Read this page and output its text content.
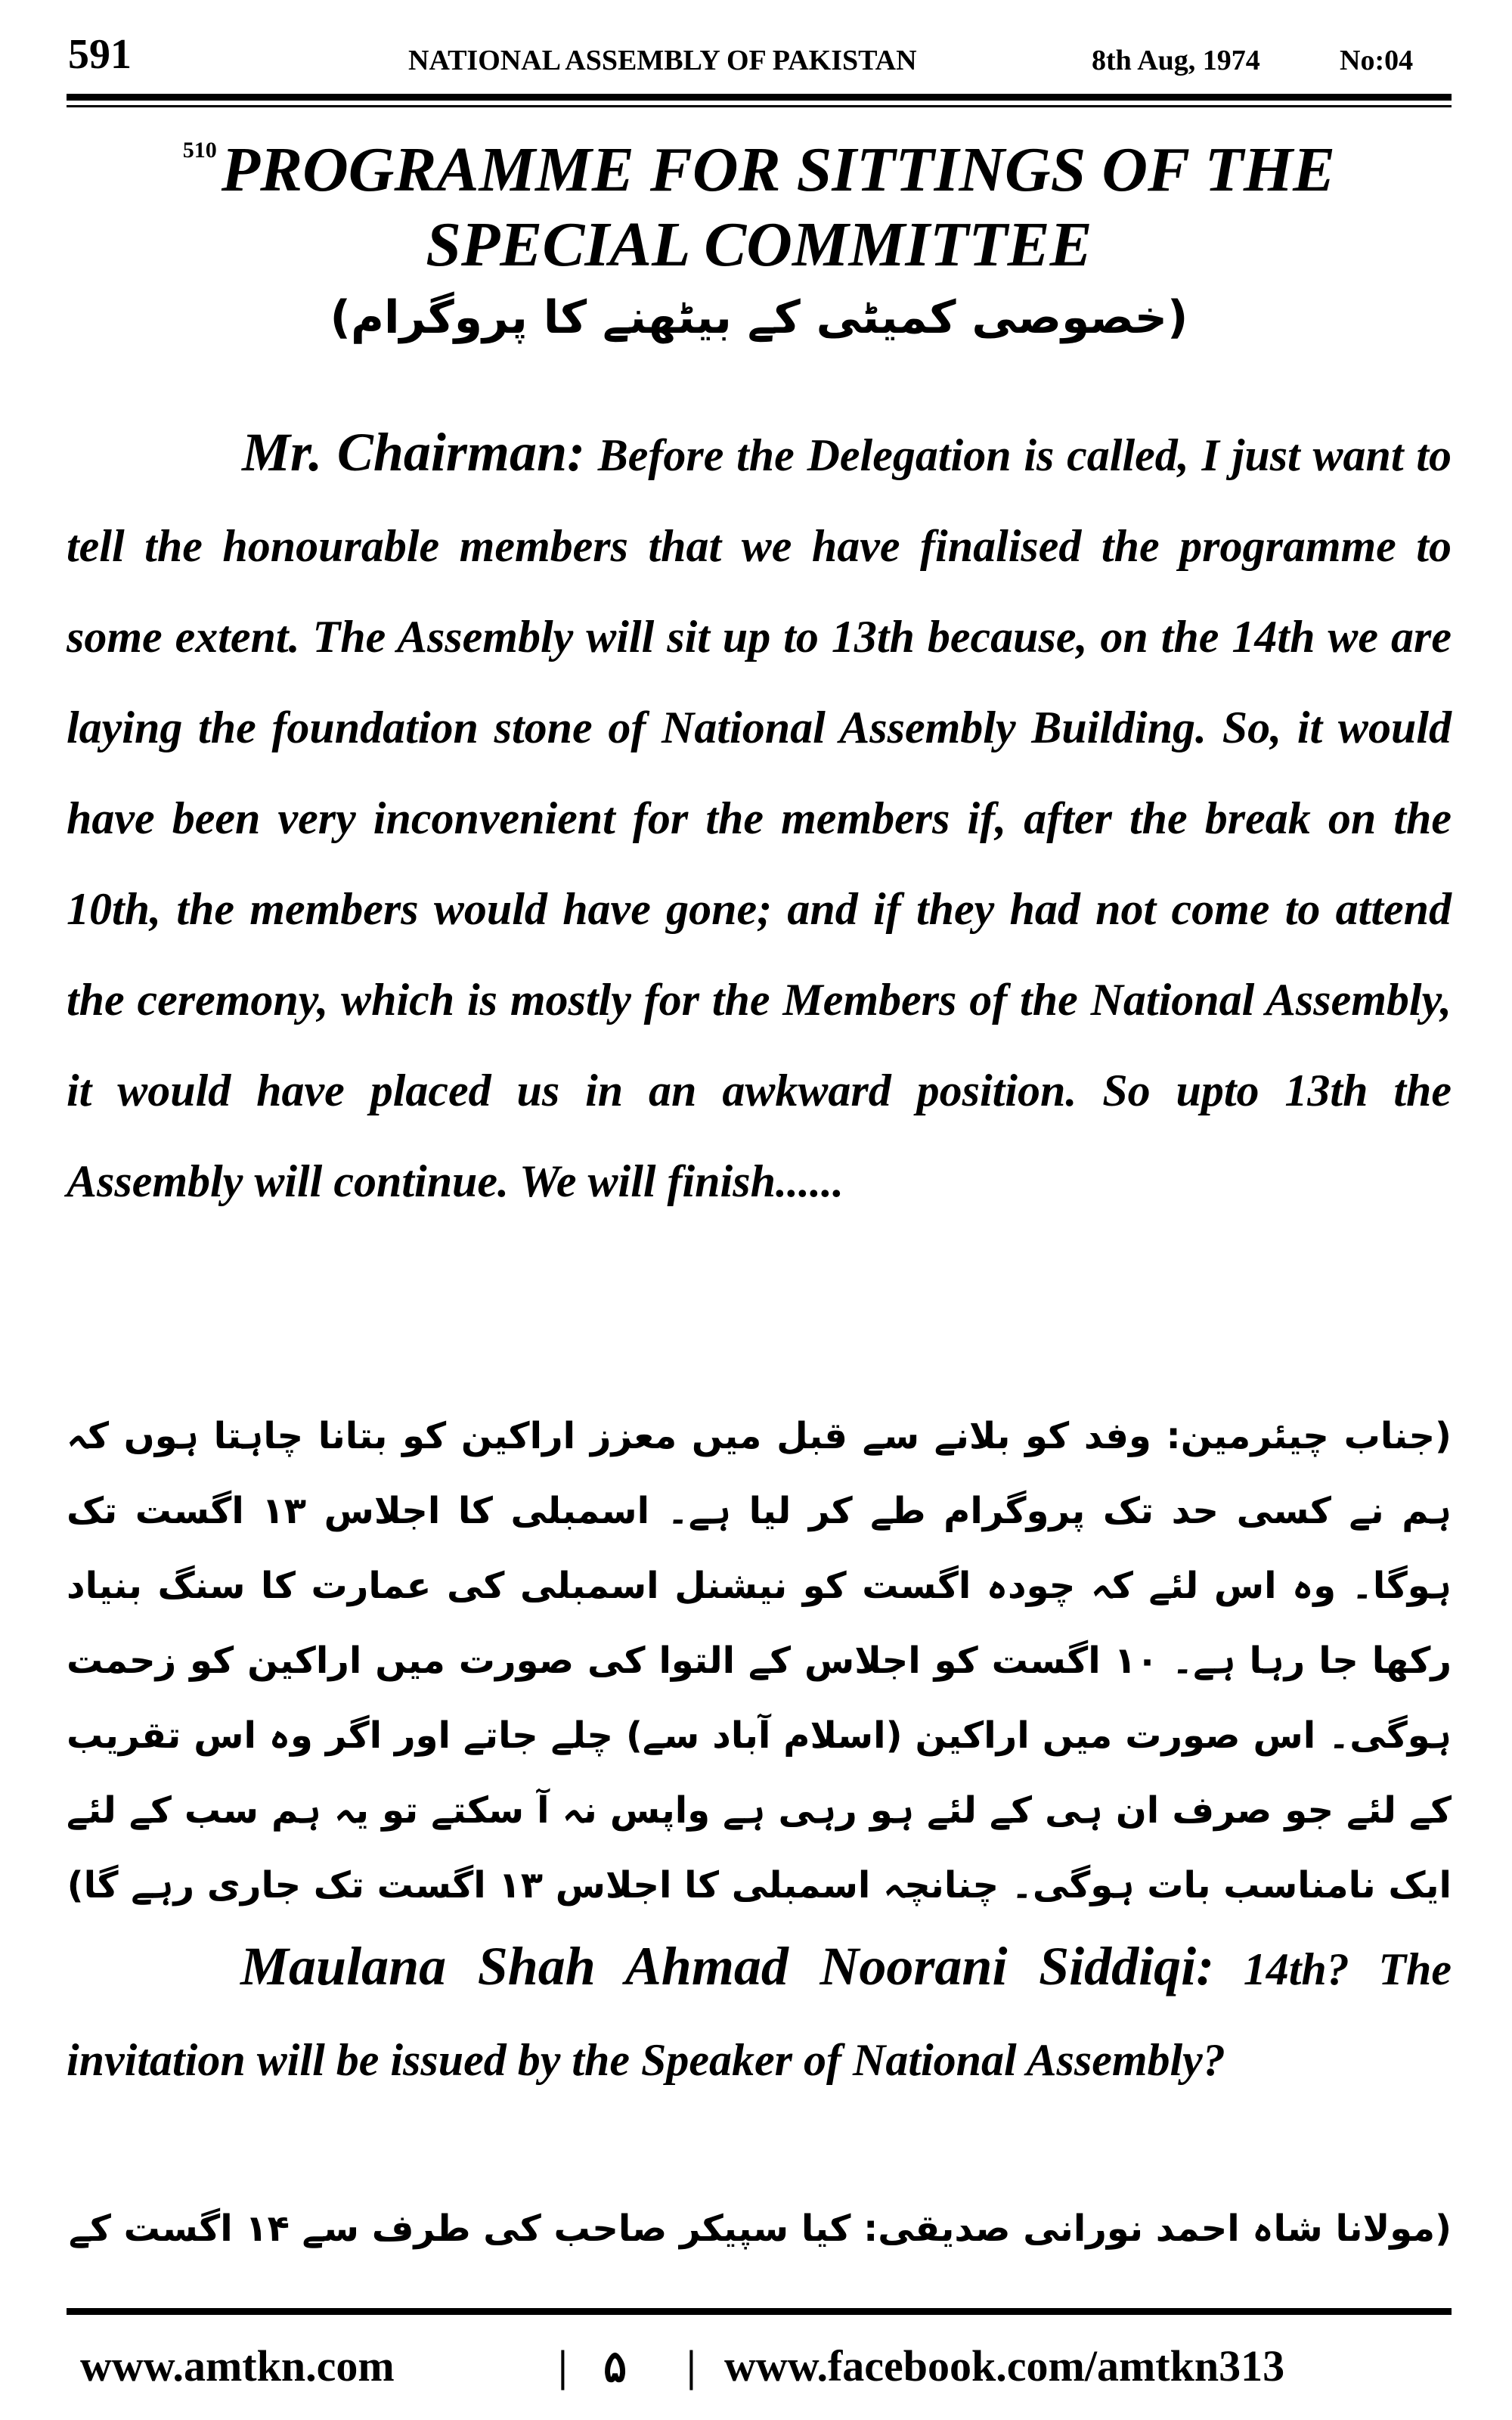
591	NATIONAL ASSEMBLY OF PAKISTAN	8th Aug, 1974	No:04
$^{510}$PROGRAMME FOR SITTINGS OF THE
SPECIAL COMMITTEE
(خصوصی کمیٹی کے بیٹھنے کا پروگرام)

Mr. Chairman: Before the Delegation is called, I just want to tell the honourable members that we have finalised the programme to some extent. The Assembly will sit up to 13th because, on the 14th we are laying the foundation stone of National Assembly Building. So, it would have been very inconvenient for the members if, after the break on the 10th, the members would have gone; and if they had not come to attend the ceremony, which is mostly for the Members of the National Assembly, it would have placed us in an awkward position. So upto 13th the Assembly will continue. We will finish......

(جناب چیئرمین: وفد کو بلانے سے قبل میں معزز اراکین کو بتانا چاہتا ہوں کہ ہم نے کسی حد تک پروگرام طے کر لیا ہے۔ اسمبلی کا اجلاس ۱۳ اگست تک ہوگا۔ وہ اس لئے کہ چودہ اگست کو نیشنل اسمبلی کی عمارت کا سنگ بنیاد رکھا جا رہا ہے۔ ۱۰ اگست کو اجلاس کے التوا کی صورت میں اراکین کو زحمت ہوگی۔ اس صورت میں اراکین (اسلام آباد سے) چلے جاتے اور اگر وہ اس تقریب کے لئے جو صرف ان ہی کے لئے ہو رہی ہے واپس نہ آ سکتے تو یہ ہم سب کے لئے ایک نامناسب بات ہوگی۔ چنانچہ اسمبلی کا اجلاس ۱۳ اگست تک جاری رہے گا)

Maulana Shah Ahmad Noorani Siddiqi: 14th? The invitation will be issued by the Speaker of National Assembly?

(مولانا شاہ احمد نورانی صدیقی: کیا سپیکر صاحب کی طرف سے ۱۴ اگست کے

www.amtkn.com	| ۵ | www.facebook.com/amtkn313
